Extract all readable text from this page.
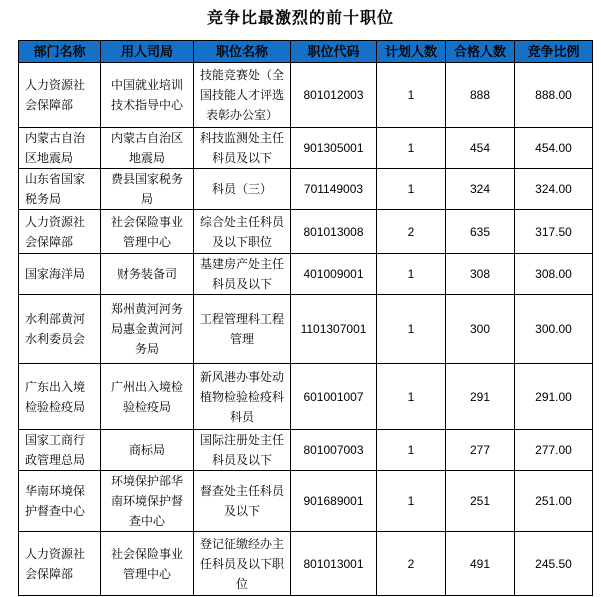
竞争比最激烈的前十职位
部门名称	用人司局	职位名称	职位代码	计划人数	合格人数	竞争比例
人力资源社会保障部	中国就业培训技术指导中心	技能竞赛处（全国技能人才评选表彰办公室）	801012003	1	888	888.00
内蒙古自治区地震局	内蒙古自治区地震局	科技监测处主任科员及以下	901305001	1	454	454.00
山东省国家税务局	费县国家税务局	科员（三）	701149003	1	324	324.00
人力资源社会保障部	社会保险事业管理中心	综合处主任科员及以下职位	801013008	2	635	317.50
国家海洋局	财务装备司	基建房产处主任科员及以下	401009001	1	308	308.00
水利部黄河水利委员会	郑州黄河河务局惠金黄河河务局	工程管理科工程管理	1101307001	1	300	300.00
广东出入境检验检疫局	广州出入境检验检疫局	新风港办事处动植物检验检疫科科员	601001007	1	291	291.00
国家工商行政管理总局	商标局	国际注册处主任科员及以下	801007003	1	277	277.00
华南环境保护督查中心	环境保护部华南环境保护督查中心	督查处主任科员及以下	901689001	1	251	251.00
人力资源社会保障部	社会保险事业管理中心	登记征缴经办主任科员及以下职位	801013001	2	491	245.50
